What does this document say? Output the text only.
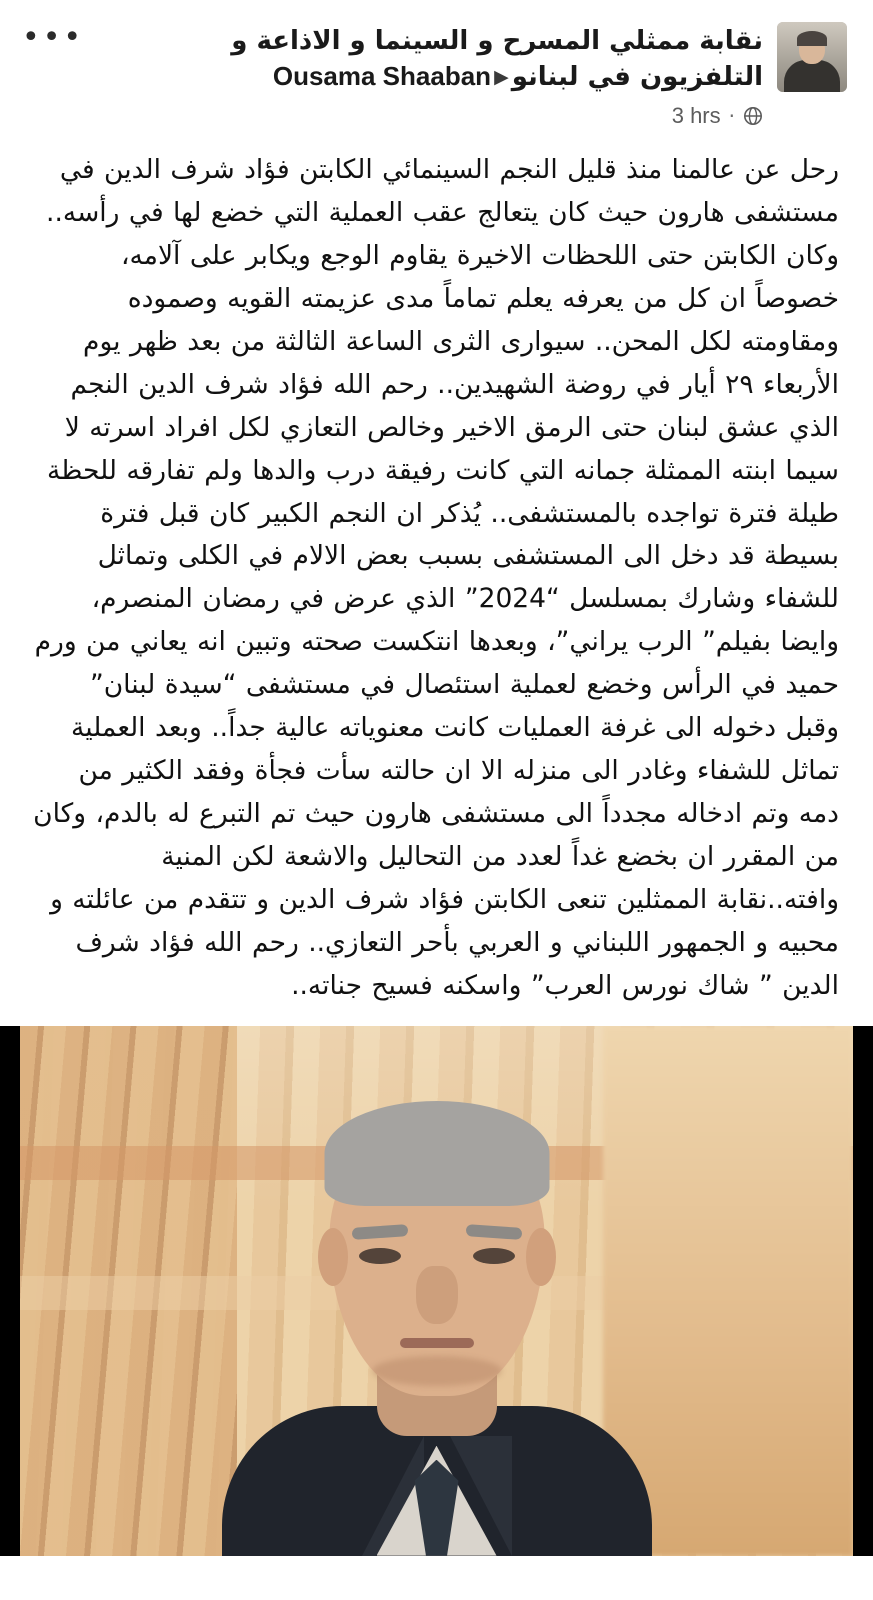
نقابة ممثلي المسرح و السينما و الاذاعة و التلفزيون في لبنانو▶Ousama Shaaban
3 hrs ·
•••
رحل عن عالمنا منذ قليل النجم السينمائي الكابتن فؤاد شرف الدين في مستشفى هارون حيث كان يتعالج عقب العملية التي خضع لها في رأسه.. وكان الكابتن حتى اللحظات الاخيرة يقاوم الوجع ويكابر على آلامه، خصوصاً ان كل من يعرفه يعلم تماماً مدى عزيمته القويه وصموده ومقاومته لكل المحن.. سيوارى الثرى الساعة الثالثة من بعد ظهر يوم الأربعاء ٢٩ أيار في روضة الشهيدين.. رحم الله فؤاد شرف الدين النجم الذي عشق لبنان حتى الرمق الاخير وخالص التعازي لكل افراد اسرته لا سيما ابنته الممثلة جمانه التي كانت رفيقة درب والدها ولم تفارقه للحظة طيلة فترة تواجده بالمستشفى.. يُذكر ان النجم الكبير كان قبل فترة بسيطة قد دخل الى المستشفى بسبب بعض الالام في الكلى وتماثل للشفاء وشارك بمسلسل “2024” الذي عرض في رمضان المنصرم، وايضا بفيلم” الرب يراني”، وبعدها انتكست صحته وتبين انه يعاني من ورم حميد في الرأس وخضع لعملية استئصال في مستشفى “سيدة لبنان” وقبل دخوله الى غرفة العمليات كانت معنوياته عالية جداً.. وبعد العملية تماثل للشفاء وغادر الى منزله الا ان حالته سأت فجأة وفقد الكثير من دمه وتم ادخاله مجدداً الى مستشفى هارون حيث تم التبرع له بالدم، وكان من المقرر ان بخضع غداً لعدد من التحاليل والاشعة لكن المنية وافته..نقابة الممثلين تنعى الكابتن فؤاد شرف الدين و تتقدم من عائلته و محبيه و الجمهور اللبناني و العربي بأحر التعازي.. رحم الله فؤاد شرف الدين ” شاك نورس العرب” واسكنه فسيح جناته..
